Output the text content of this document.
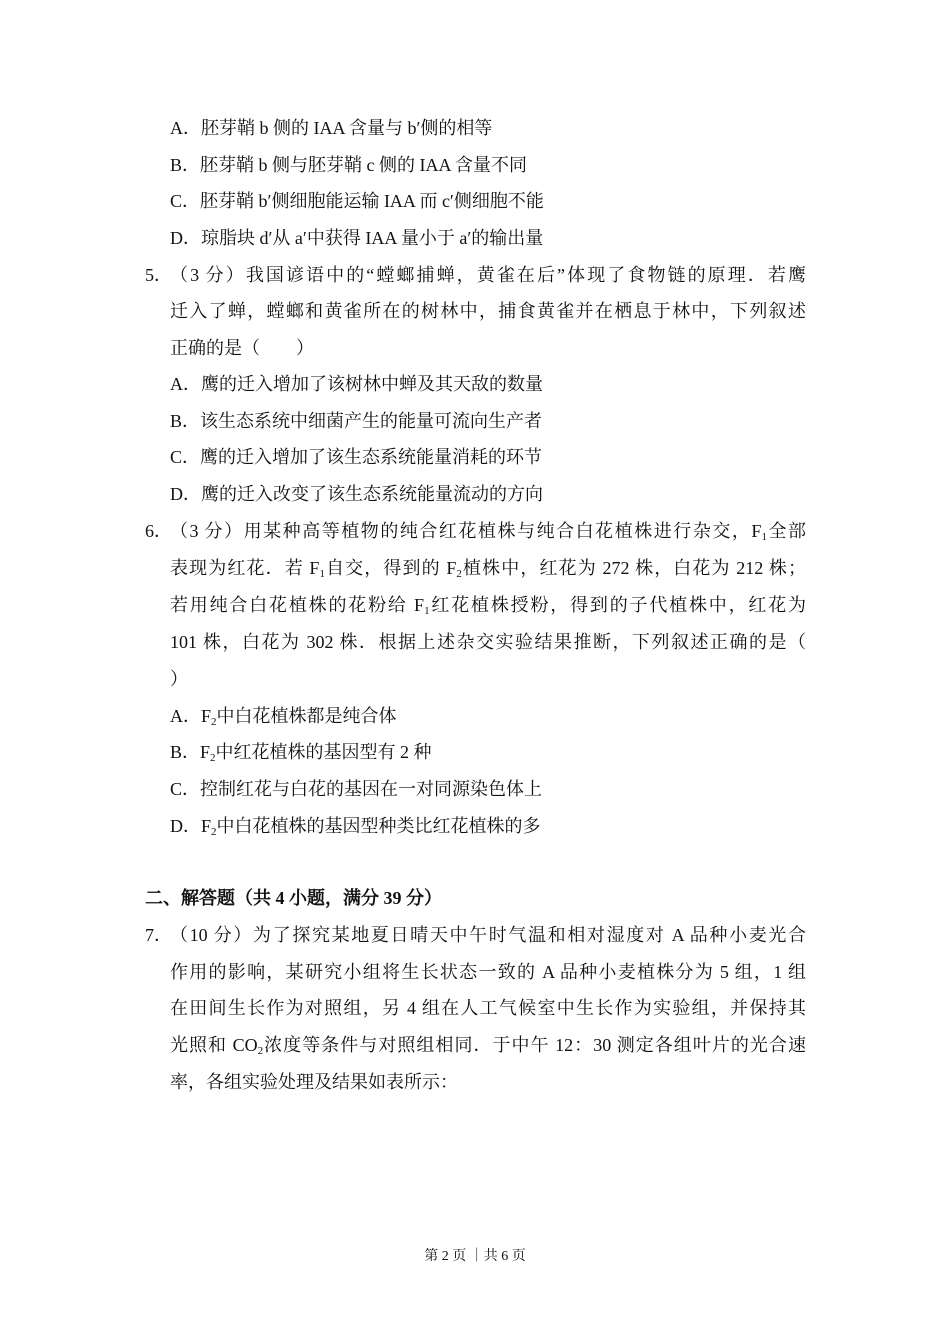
A．胚芽鞘 b 侧的 IAA 含量与 b′侧的相等
B．胚芽鞘 b 侧与胚芽鞘 c 侧的 IAA 含量不同
C．胚芽鞘 b′侧细胞能运输 IAA 而 c′侧细胞不能
D．琼脂块 d′从 a′中获得 IAA 量小于 a′的输出量
5．
（3 分）我国谚语中的“螳螂捕蝉，黄雀在后”体现了食物链的原理．若鹰
迁入了蝉，螳螂和黄雀所在的树林中，捕食黄雀并在栖息于林中，下列叙述
正确的是（　　）
A．鹰的迁入增加了该树林中蝉及其天敌的数量
B．该生态系统中细菌产生的能量可流向生产者
C．鹰的迁入增加了该生态系统能量消耗的环节
D．鹰的迁入改变了该生态系统能量流动的方向
6．
（3 分）用某种高等植物的纯合红花植株与纯合白花植株进行杂交，$F_1$全部
表现为红花．若 $F_1$自交，得到的 $F_2$植株中，红花为 272 株，白花为 212 株；
若用纯合白花植株的花粉给 $F_1$红花植株授粉，得到的子代植株中，红花为
101 株，白花为 302 株．根据上述杂交实验结果推断，下列叙述正确的是（
）
A．$F_2$中白花植株都是纯合体
B．$F_2$中红花植株的基因型有 2 种
C．控制红花与白花的基因在一对同源染色体上
D．$F_2$中白花植株的基因型种类比红花植株的多
二、解答题（共 4 小题，满分 39 分）
7．
（10 分）为了探究某地夏日晴天中午时气温和相对湿度对 A 品种小麦光合
作用的影响，某研究小组将生长状态一致的 A 品种小麦植株分为 5 组，1 组
在田间生长作为对照组，另 4 组在人工气候室中生长作为实验组，并保持其
光照和 $CO_2$浓度等条件与对照组相同．于中午 12：30 测定各组叶片的光合速
率，各组实验处理及结果如表所示：
第 2 页 ｜共 6 页
